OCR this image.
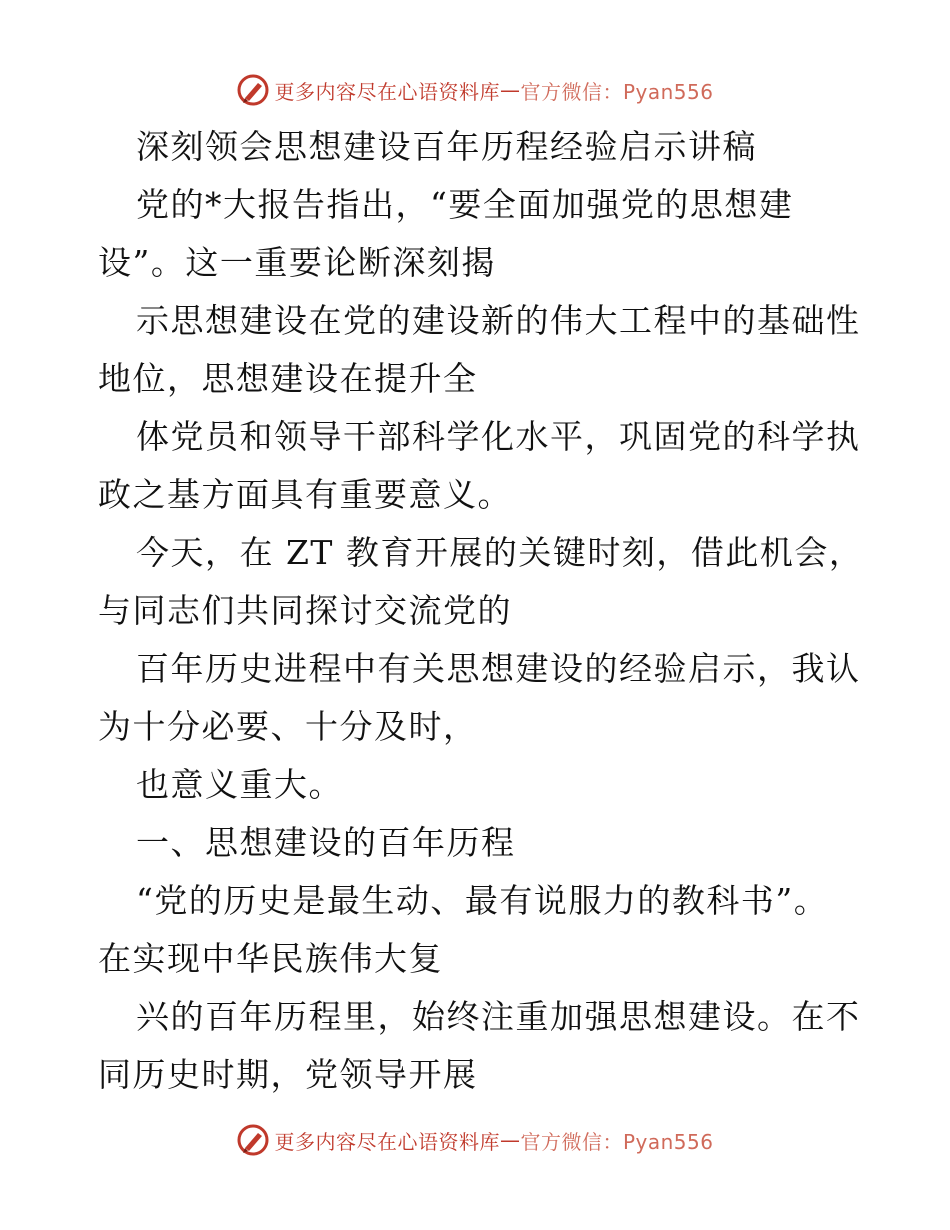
更多内容尽在心语资料库 — 官方微信：Pyan556
深刻领会思想建设百年历程经验启示讲稿
党的*大报告指出，“要全面加强党的思想建
设”。这一重要论断深刻揭
示思想建设在党的建设新的伟大工程中的基础性
地位，思想建设在提升全
体党员和领导干部科学化水平，巩固党的科学执
政之基方面具有重要意义。
今天，在 ZT 教育开展的关键时刻，借此机会，
与同志们共同探讨交流党的
百年历史进程中有关思想建设的经验启示，我认
为十分必要、十分及时，
也意义重大。
一、思想建设的百年历程
“党的历史是最生动、最有说服力的教科书”。
在实现中华民族伟大复
兴的百年历程里，始终注重加强思想建设。在不
同历史时期，党领导开展
更多内容尽在心语资料库 — 官方微信：Pyan556
